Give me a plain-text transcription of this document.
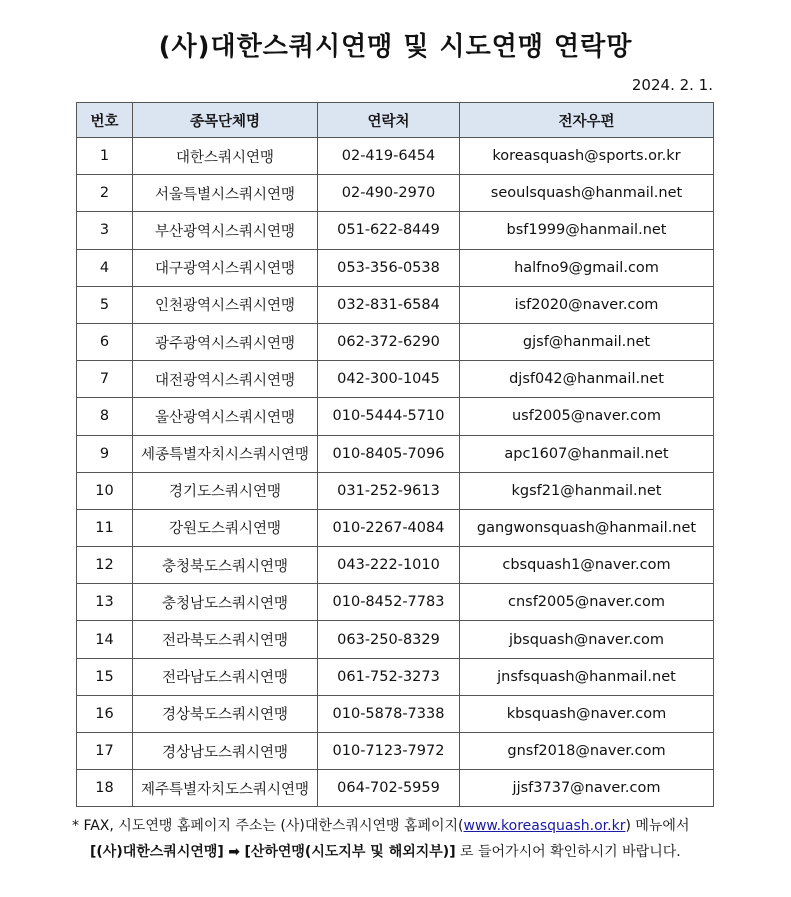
(사)대한스쿼시연맹 및 시도연맹 연락망
2024. 2. 1.
번호	종목단체명	연락처	전자우편
1	대한스쿼시연맹	02-419-6454	koreasquash@sports.or.kr
2	서울특별시스쿼시연맹	02-490-2970	seoulsquash@hanmail.net
3	부산광역시스쿼시연맹	051-622-8449	bsf1999@hanmail.net
4	대구광역시스쿼시연맹	053-356-0538	halfno9@gmail.com
5	인천광역시스쿼시연맹	032-831-6584	isf2020@naver.com
6	광주광역시스쿼시연맹	062-372-6290	gjsf@hanmail.net
7	대전광역시스쿼시연맹	042-300-1045	djsf042@hanmail.net
8	울산광역시스쿼시연맹	010-5444-5710	usf2005@naver.com
9	세종특별자치시스쿼시연맹	010-8405-7096	apc1607@hanmail.net
10	경기도스쿼시연맹	031-252-9613	kgsf21@hanmail.net
11	강원도스쿼시연맹	010-2267-4084	gangwonsquash@hanmail.net
12	충청북도스쿼시연맹	043-222-1010	cbsquash1@naver.com
13	충청남도스쿼시연맹	010-8452-7783	cnsf2005@naver.com
14	전라북도스쿼시연맹	063-250-8329	jbsquash@naver.com
15	전라남도스쿼시연맹	061-752-3273	jnsfsquash@hanmail.net
16	경상북도스쿼시연맹	010-5878-7338	kbsquash@naver.com
17	경상남도스쿼시연맹	010-7123-7972	gnsf2018@naver.com
18	제주특별자치도스쿼시연맹	064-702-5959	jjsf3737@naver.com
* FAX, 시도연맹 홈페이지 주소는 (사)대한스쿼시연맹 홈페이지(www.koreasquash.or.kr) 메뉴에서
[(사)대한스쿼시연맹] ➡ [산하연맹(시도지부 및 해외지부)] 로 들어가시어 확인하시기 바랍니다.
